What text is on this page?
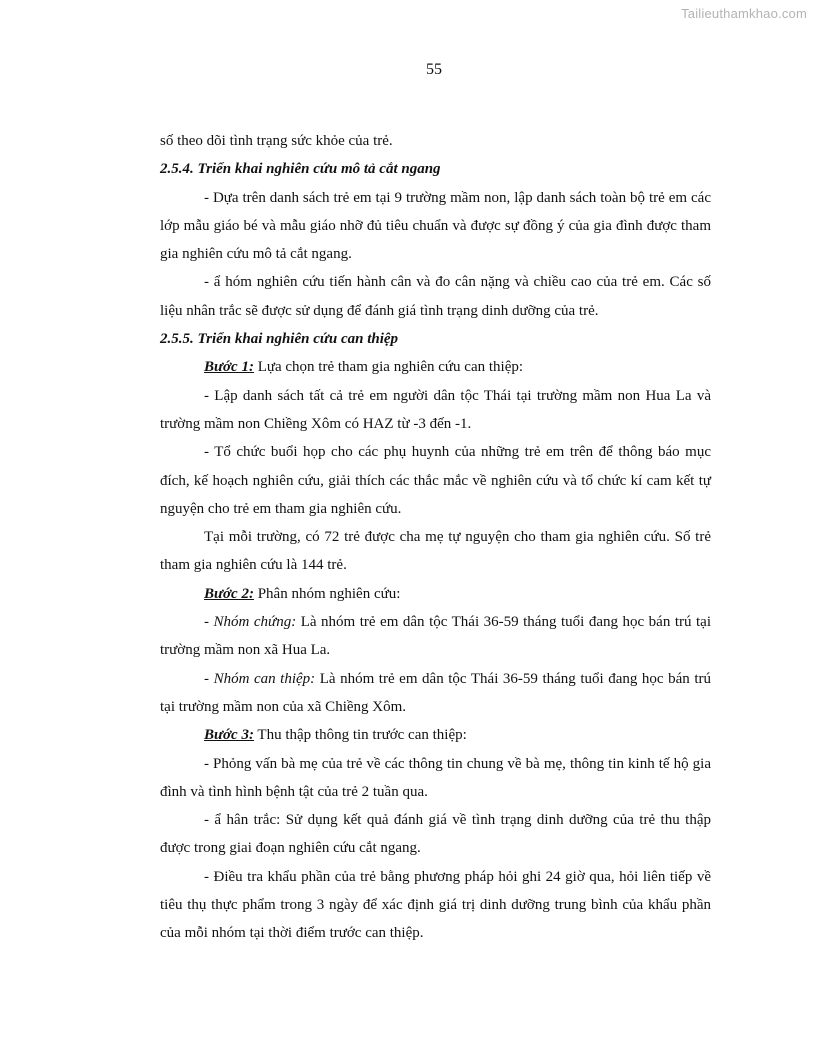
Tailieuthamkhao.com
55

số theo dõi tình trạng sức khỏe của trẻ.

2.5.4. Triển khai nghiên cứu mô tả cắt ngang

- Dựa trên danh sách trẻ em tại 9 trường mầm non, lập danh sách toàn bộ trẻ em các lớp mẫu giáo bé và mẫu giáo nhỡ đủ tiêu chuẩn và được sự đồng ý của gia đình được tham gia nghiên cứu mô tả cắt ngang.

- ẩ hóm nghiên cứu tiến hành cân và đo cân nặng và chiều cao của trẻ em. Các số liệu nhân trắc sẽ được sử dụng để đánh giá tình trạng dinh dưỡng của trẻ.

2.5.5. Triển khai nghiên cứu can thiệp

Bước 1: Lựa chọn trẻ tham gia nghiên cứu can thiệp:

- Lập danh sách tất cả trẻ em người dân tộc Thái tại trường mầm non Hua La và trường mầm non Chiềng Xôm có HAZ từ -3 đến -1.

- Tổ chức buổi họp cho các phụ huynh của những trẻ em trên để thông báo mục đích, kế hoạch nghiên cứu, giải thích các thắc mắc về nghiên cứu và tổ chức kí cam kết tự nguyện cho trẻ em tham gia nghiên cứu.

Tại mỗi trường, có 72 trẻ được cha mẹ tự nguyện cho tham gia nghiên cứu. Số trẻ tham gia nghiên cứu là 144 trẻ.

Bước 2: Phân nhóm nghiên cứu:

- Nhóm chứng: Là nhóm trẻ em dân tộc Thái 36-59 tháng tuổi đang học bán trú tại trường mầm non xã Hua La.

- Nhóm can thiệp: Là nhóm trẻ em dân tộc Thái 36-59 tháng tuổi đang học bán trú tại trường mầm non của xã Chiềng Xôm.

Bước 3: Thu thập thông tin trước can thiệp:

- Phỏng vấn bà mẹ của trẻ về các thông tin chung về bà mẹ, thông tin kinh tế hộ gia đình và tình hình bệnh tật của trẻ 2 tuần qua.

- ẩ hân trắc: Sử dụng kết quả đánh giá về tình trạng dinh dưỡng của trẻ thu thập được trong giai đoạn nghiên cứu cắt ngang.

- Điều tra khẩu phần của trẻ bằng phương pháp hỏi ghi 24 giờ qua, hỏi liên tiếp về tiêu thụ thực phẩm trong 3 ngày để xác định giá trị dinh dưỡng trung bình của khẩu phần của mỗi nhóm tại thời điểm trước can thiệp.
